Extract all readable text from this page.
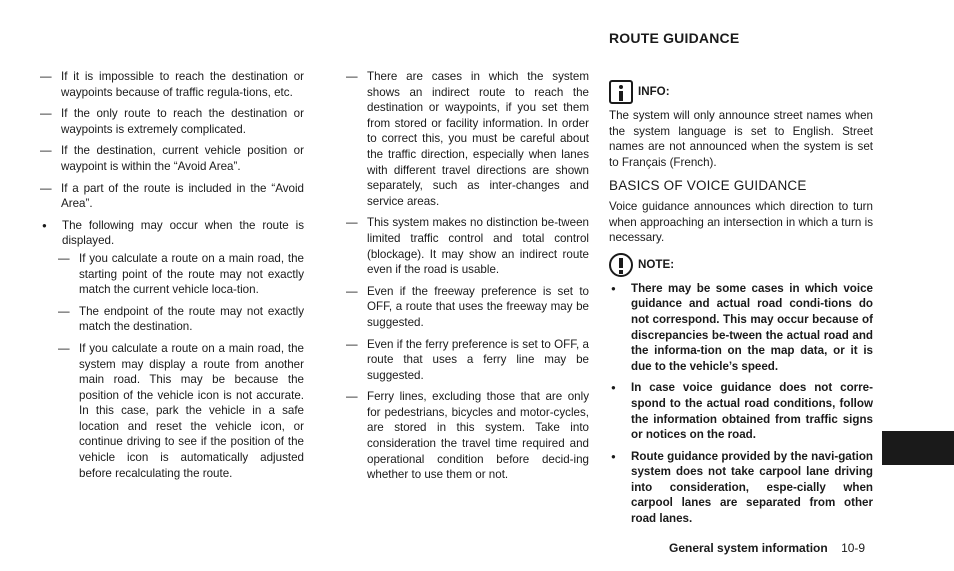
ROUTE GUIDANCE
— If it is impossible to reach the destination or waypoints because of traffic regula-tions, etc.
— If the only route to reach the destination or waypoints is extremely complicated.
— If the destination, current vehicle position or waypoint is within the “Avoid Area”.
— If a part of the route is included in the “Avoid Area”.
● The following may occur when the route is displayed.
— If you calculate a route on a main road, the starting point of the route may not exactly match the current vehicle loca-tion.
— The endpoint of the route may not exactly match the destination.
— If you calculate a route on a main road, the system may display a route from another main road. This may be because the position of the vehicle icon is not accurate. In this case, park the vehicle in a safe location and reset the vehicle icon, or continue driving to see if the position of the vehicle icon is automatically adjusted before recalculating the route.
— There are cases in which the system shows an indirect route to reach the destination or waypoints, if you set them from stored or facility information. In order to correct this, you must be careful about the traffic direction, especially when lanes with different travel directions are shown separately, such as inter-changes and service areas.
— This system makes no distinction be-tween limited traffic control and total control (blockage). It may show an indirect route even if the road is usable.
— Even if the freeway preference is set to OFF, a route that uses the freeway may be suggested.
— Even if the ferry preference is set to OFF, a route that uses a ferry line may be suggested.
— Ferry lines, excluding those that are only for pedestrians, bicycles and motor-cycles, are stored in this system. Take into consideration the travel time required and operational condition before decid-ing whether to use them or not.
INFO:

The system will only announce street names when the system language is set to English. Street names are not announced when the system is set to Français (French).

BASICS OF VOICE GUIDANCE

Voice guidance announces which direction to turn when approaching an intersection in which a turn is necessary.

NOTE:
● There may be some cases in which voice guidance and actual road condi-tions do not correspond. This may occur because of discrepancies be-tween the actual road and the informa-tion on the map data, or it is due to the vehicle’s speed.
● In case voice guidance does not corre-spond to the actual road conditions, follow the information obtained from traffic signs or notices on the road.
● Route guidance provided by the navi-gation system does not take carpool lane driving into consideration, espe-cially when carpool lanes are separated from other road lanes.
General system information 10-9
